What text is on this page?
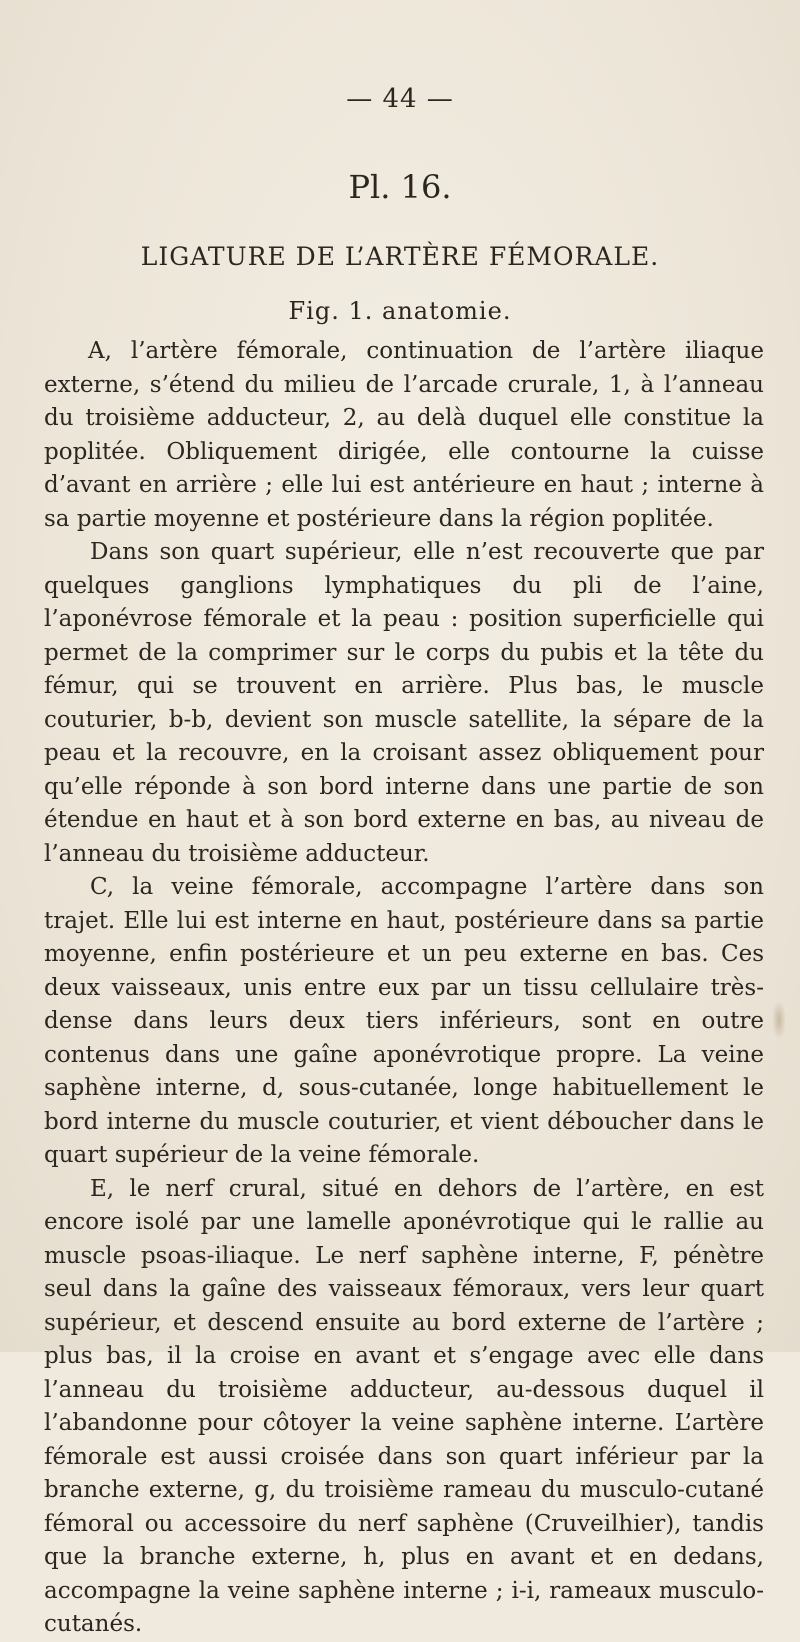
— 44 —
Pl. 16.
LIGATURE DE L’ARTÈRE FÉMORALE.
Fig. 1. anatomie.

A, l’artère fémorale, continuation de l’artère iliaque externe, s’étend du milieu de l’arcade crurale, 1, à l’anneau du troisième adducteur, 2, au delà duquel elle constitue la poplitée. Obliquement dirigée, elle contourne la cuisse d’avant en arrière ; elle lui est antérieure en haut ; interne à sa partie moyenne et postérieure dans la région poplitée.

Dans son quart supérieur, elle n’est recouverte que par quelques ganglions lymphatiques du pli de l’aine, l’aponévrose fémorale et la peau : position superficielle qui permet de la comprimer sur le corps du pubis et la tête du fémur, qui se trouvent en arrière. Plus bas, le muscle couturier, b-b, devient son muscle satellite, la sépare de la peau et la recouvre, en la croisant assez obliquement pour qu’elle réponde à son bord interne dans une partie de son étendue en haut et à son bord externe en bas, au niveau de l’anneau du troisième adducteur.

C, la veine fémorale, accompagne l’artère dans son trajet. Elle lui est interne en haut, postérieure dans sa partie moyenne, enfin postérieure et un peu externe en bas. Ces deux vaisseaux, unis entre eux par un tissu cellulaire très-dense dans leurs deux tiers inférieurs, sont en outre contenus dans une gaîne aponévrotique propre. La veine saphène interne, d, sous-cutanée, longe habituellement le bord interne du muscle couturier, et vient déboucher dans le quart supérieur de la veine fémorale.

E, le nerf crural, situé en dehors de l’artère, en est encore isolé par une lamelle aponévrotique qui le rallie au muscle psoas-iliaque. Le nerf saphène interne, F, pénètre seul dans la gaîne des vaisseaux fémoraux, vers leur quart supérieur, et descend ensuite au bord externe de l’artère ; plus bas, il la croise en avant et s’engage avec elle dans l’anneau du troisième adducteur, au-dessous duquel il l’abandonne pour côtoyer la veine saphène interne. L’artère fémorale est aussi croisée dans son quart inférieur par la branche externe, g, du troisième rameau du musculo-cutané fémoral ou accessoire du nerf saphène (Cruveilhier), tandis que la branche externe, h, plus en avant et en dedans, accompagne la veine saphène interne ; i-i, rameaux musculo-cutanés.
